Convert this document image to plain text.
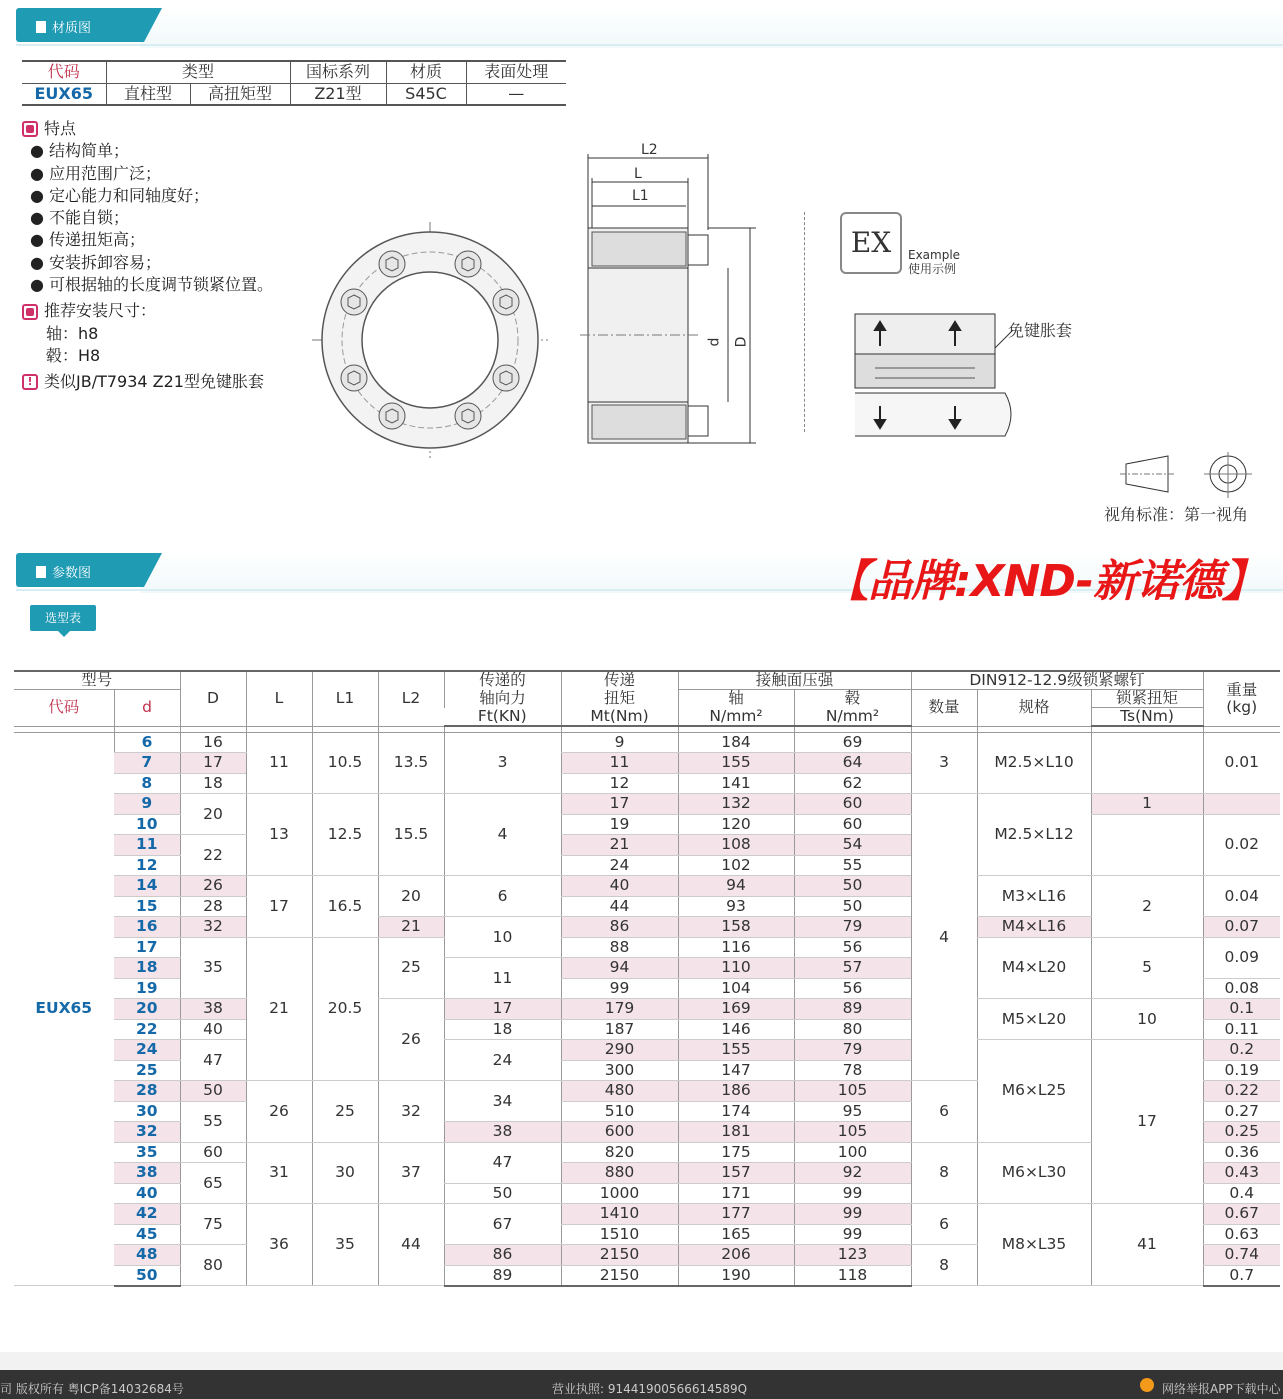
材质图
代码	类型		国标系列	材质	表面处理
EUX65	直柱型	高扭矩型	Z21型	S45C	—
特点
● 结构简单；
● 应用范围广泛；
● 定心能力和同轴度好；
● 不能自锁；
● 传递扭矩高；
● 安装拆卸容易；
● 可根据轴的长度调节锁紧位置。
推荐安装尺寸：
轴：h8
毂：H8
! 类似JB/T7934 Z21型免键胀套
L2
L
L1
d D
EX	Example
使用示例
免键胀套
视角标准：第一视角
参数图	【品牌:XND-新诺德】
选型表
型号		D	L	L1	L2	传递的	传递	接触面压强		DIN912-12.9级锁紧螺钉			重量
(kg)

代码	d					轴向力	扭矩	轴	毂	数量	规格	锁紧扭矩	
						Ft(KN)	Mt(Nm)	N/mm²	N/mm²			Ts(Nm)	

EUX65	6	16	11	10.5	13.5	3	9	184	69	3	M2.5×L10		0.01
	7	17					11	155	64				
	8	18					12	141	62				
	9	20	13	12.5	15.5	4	17	132	60	4	M2.5×L12	1	
	10						19	120	60				0.02
	11	22					21	108	54				
	12						24	102	55				
	14	26	17	16.5	20	6	40	94	50		M3×L16	2	0.04
	15	28					44	93	50				
	16	32			21	10	86	158	79		M4×L16		0.07
	17	35	21	20.5	25		88	116	56		M4×L20	5	0.09
	18					11	94	110	57				
	19						99	104	56				0.08
	20	38			26	17	179	169	89		M5×L20	10	0.1
	22	40				18	187	146	80				0.11
	24	47				24	290	155	79		M6×L25	17	0.2
	25						300	147	78				0.19
	28	50	26	25	32	34	480	186	105	6			0.22
	30	55					510	174	95				0.27
	32					38	600	181	105				0.25
	35	60	31	30	37	47	820	175	100	8	M6×L30		0.36
	38	65					880	157	92				0.43
	40					50	1000	171	99				0.4
	42	75	36	35	44	67	1410	177	99	6	M8×L35	41	0.67
	45						1510	165	99				0.63
	48	80				86	2150	206	123	8			0.74
	50					89	2150	190	118				0.7
司 版权所有 粤ICP备14032684号	营业执照: 91441900566614589Q	网络举报APP下载中心
